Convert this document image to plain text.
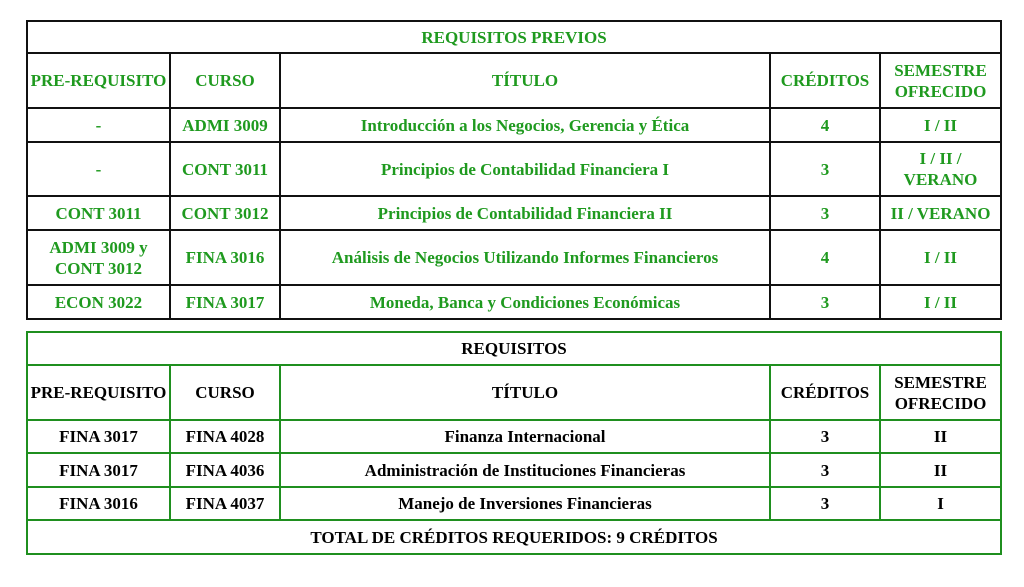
REQUISITOS PREVIOS				
PRE-REQUISITO	CURSO	TÍTULO	CRÉDITOS	SEMESTRE OFRECIDO
-	ADMI 3009	Introducción a los Negocios, Gerencia y Ética	4	I / II
-	CONT 3011	Principios de Contabilidad Financiera I	3	I / II / VERANO
CONT 3011	CONT 3012	Principios de Contabilidad Financiera II	3	II / VERANO
ADMI 3009 y CONT 3012	FINA 3016	Análisis de Negocios Utilizando Informes Financieros	4	I / II
ECON 3022	FINA 3017	Moneda, Banca y Condiciones Económicas	3	I / II
REQUISITOS				
PRE-REQUISITO	CURSO	TÍTULO	CRÉDITOS	SEMESTRE OFRECIDO
FINA 3017	FINA 4028	Finanza Internacional	3	II
FINA 3017	FINA 4036	Administración de Instituciones Financieras	3	II
FINA 3016	FINA 4037	Manejo de Inversiones Financieras	3	I
TOTAL DE CRÉDITOS REQUERIDOS: 9 CRÉDITOS				
